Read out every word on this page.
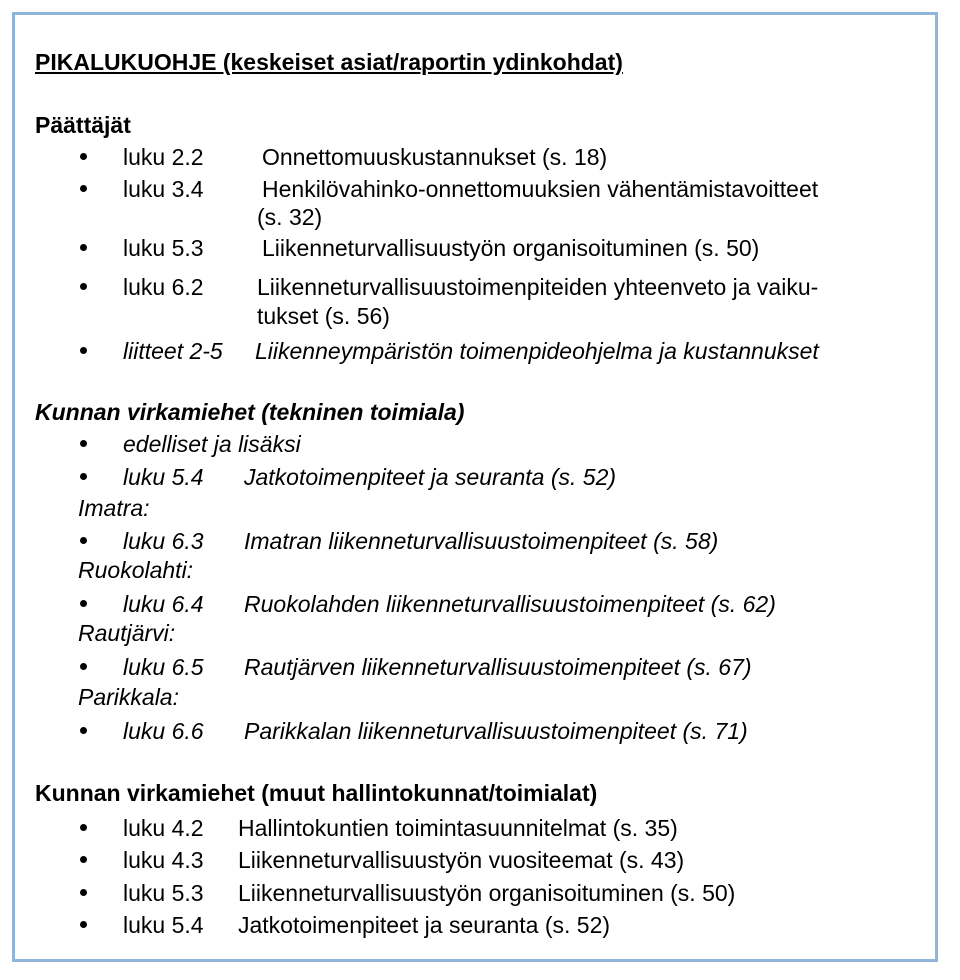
PIKALUKUOHJE (keskeiset asiat/raportin ydinkohdat)
Päättäjät
luku 2.2	Onnettomuuskustannukset (s. 18)
luku 3.4	Henkilövahinko-onnettomuuksien vähentämistavoitteet
(s. 32)
luku 5.3	Liikenneturvallisuustyön organisoituminen (s. 50)
luku 6.2 Liikenneturvallisuustoimenpiteiden yhteenveto ja vaiku-
tukset (s. 56)
liitteet 2-5 Liikenneympäristön toimenpideohjelma ja kustannukset
Kunnan virkamiehet (tekninen toimiala)
edelliset ja lisäksi
luku 5.4 Jatkotoimenpiteet ja seuranta (s. 52)
Imatra:
luku 6.3 Imatran liikenneturvallisuustoimenpiteet (s. 58)
Ruokolahti:
luku 6.4 Ruokolahden liikenneturvallisuustoimenpiteet (s. 62)
Rautjärvi:
luku 6.5 Rautjärven liikenneturvallisuustoimenpiteet (s. 67)
Parikkala:
luku 6.6 Parikkalan liikenneturvallisuustoimenpiteet (s. 71)
Kunnan virkamiehet (muut hallintokunnat/toimialat)
luku 4.2 Hallintokuntien toimintasuunnitelmat (s. 35)
luku 4.3 Liikenneturvallisuustyön vuositeemat (s. 43)
luku 5.3 Liikenneturvallisuustyön organisoituminen (s. 50)
luku 5.4 Jatkotoimenpiteet ja seuranta (s. 52)
